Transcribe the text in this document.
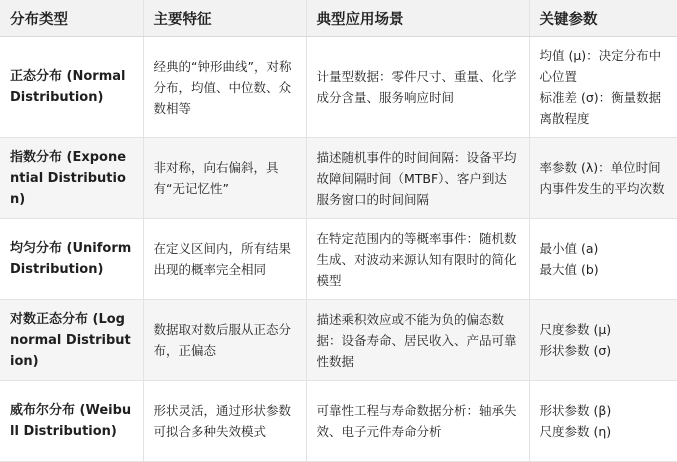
分布类型	主要特征	典型应用场景	关键参数
正态分布 (Normal Distribution)	经典的“钟形曲线”，对称分布，均值、中位数、众数相等	计量型数据：零件尺寸、重量、化学成分含量、服务响应时间	均值 (μ)：决定分布中心位置
标准差 (σ)：衡量数据离散程度

指数分布 (Exponential Distribution)	非对称，向右偏斜，具有“无记忆性”	描述随机事件的时间间隔：设备平均故障间隔时间（MTBF）、客户到达服务窗口的时间间隔	率参数 (λ)：单位时间内事件发生的平均次数

均匀分布 (Uniform Distribution)	在定义区间内，所有结果出现的概率完全相同	在特定范围内的等概率事件：随机数生成、对波动来源认知有限时的简化模型	最小值 (a)
最大值 (b)

对数正态分布 (Lognormal Distribution)	数据取对数后服从正态分布，正偏态	描述乘积效应或不能为负的偏态数据：设备寿命、居民收入、产品可靠性数据	尺度参数 (μ)
形状参数 (σ)

威布尔分布 (Weibull Distribution)	形状灵活，通过形状参数可拟合多种失效模式	可靠性工程与寿命数据分析：轴承失效、电子元件寿命分析	形状参数 (β)
尺度参数 (η)
